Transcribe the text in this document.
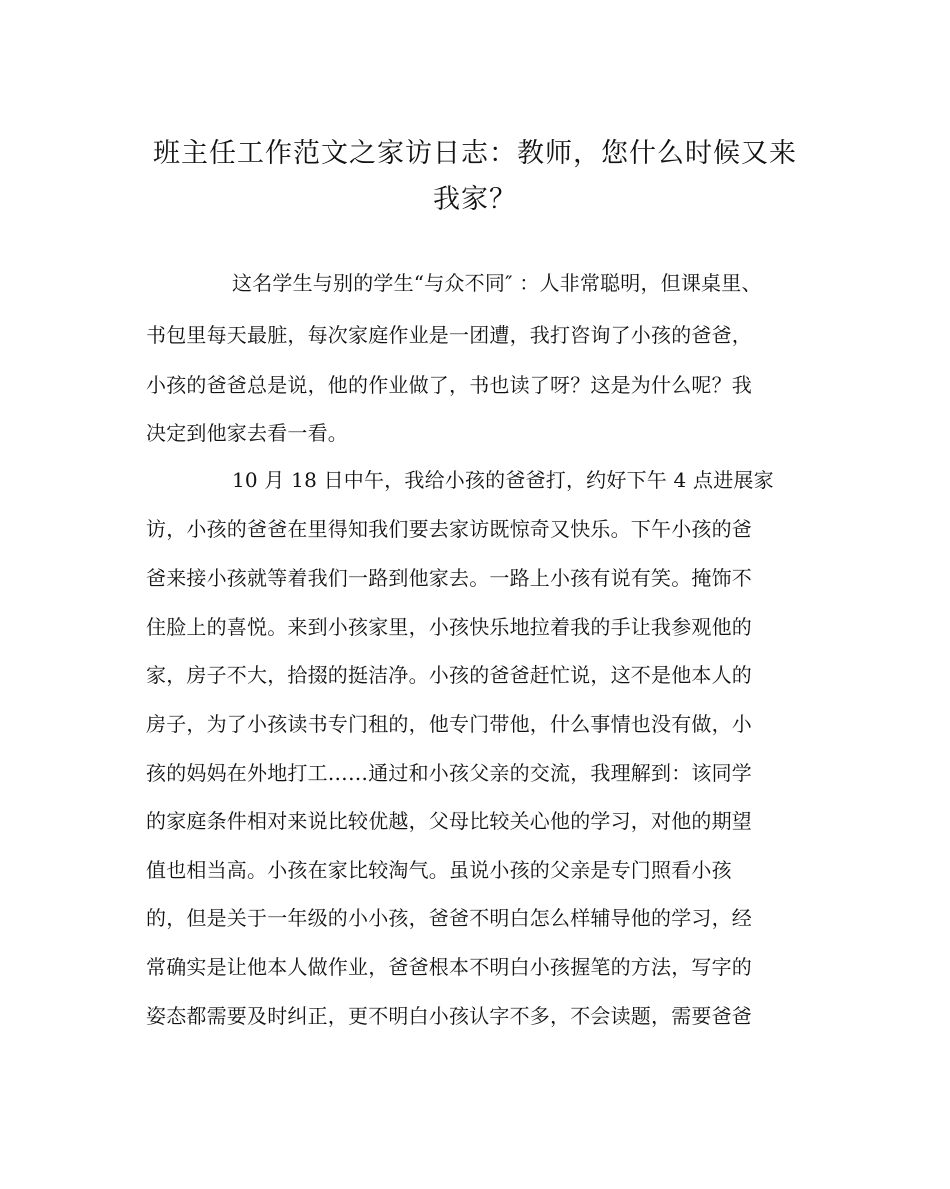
班主任工作范文之家访日志：教师，您什么时候又来
我家？
这名学生与别的学生“与众不同″ ：人非常聪明，但课桌里、
书包里每天最脏，每次家庭作业是一团遭，我打咨询了小孩的爸爸，
小孩的爸爸总是说，他的作业做了，书也读了呀？这是为什么呢？我
决定到他家去看一看。
10 月 18 日中午，我给小孩的爸爸打，约好下午 4 点进展家
访，小孩的爸爸在里得知我们要去家访既惊奇又快乐。下午小孩的爸
爸来接小孩就等着我们一路到他家去。一路上小孩有说有笑。掩饰不
住脸上的喜悦。来到小孩家里，小孩快乐地拉着我的手让我参观他的
家，房子不大，拾掇的挺洁净。小孩的爸爸赶忙说，这不是他本人的
房子，为了小孩读书专门租的，他专门带他，什么事情也没有做，小
孩的妈妈在外地打工……通过和小孩父亲的交流，我理解到：该同学
的家庭条件相对来说比较优越，父母比较关心他的学习，对他的期望
值也相当高。小孩在家比较淘气。虽说小孩的父亲是专门照看小孩
的，但是关于一年级的小小孩，爸爸不明白怎么样辅导他的学习，经
常确实是让他本人做作业，爸爸根本不明白小孩握笔的方法，写字的
姿态都需要及时纠正，更不明白小孩认字不多，不会读题，需要爸爸
